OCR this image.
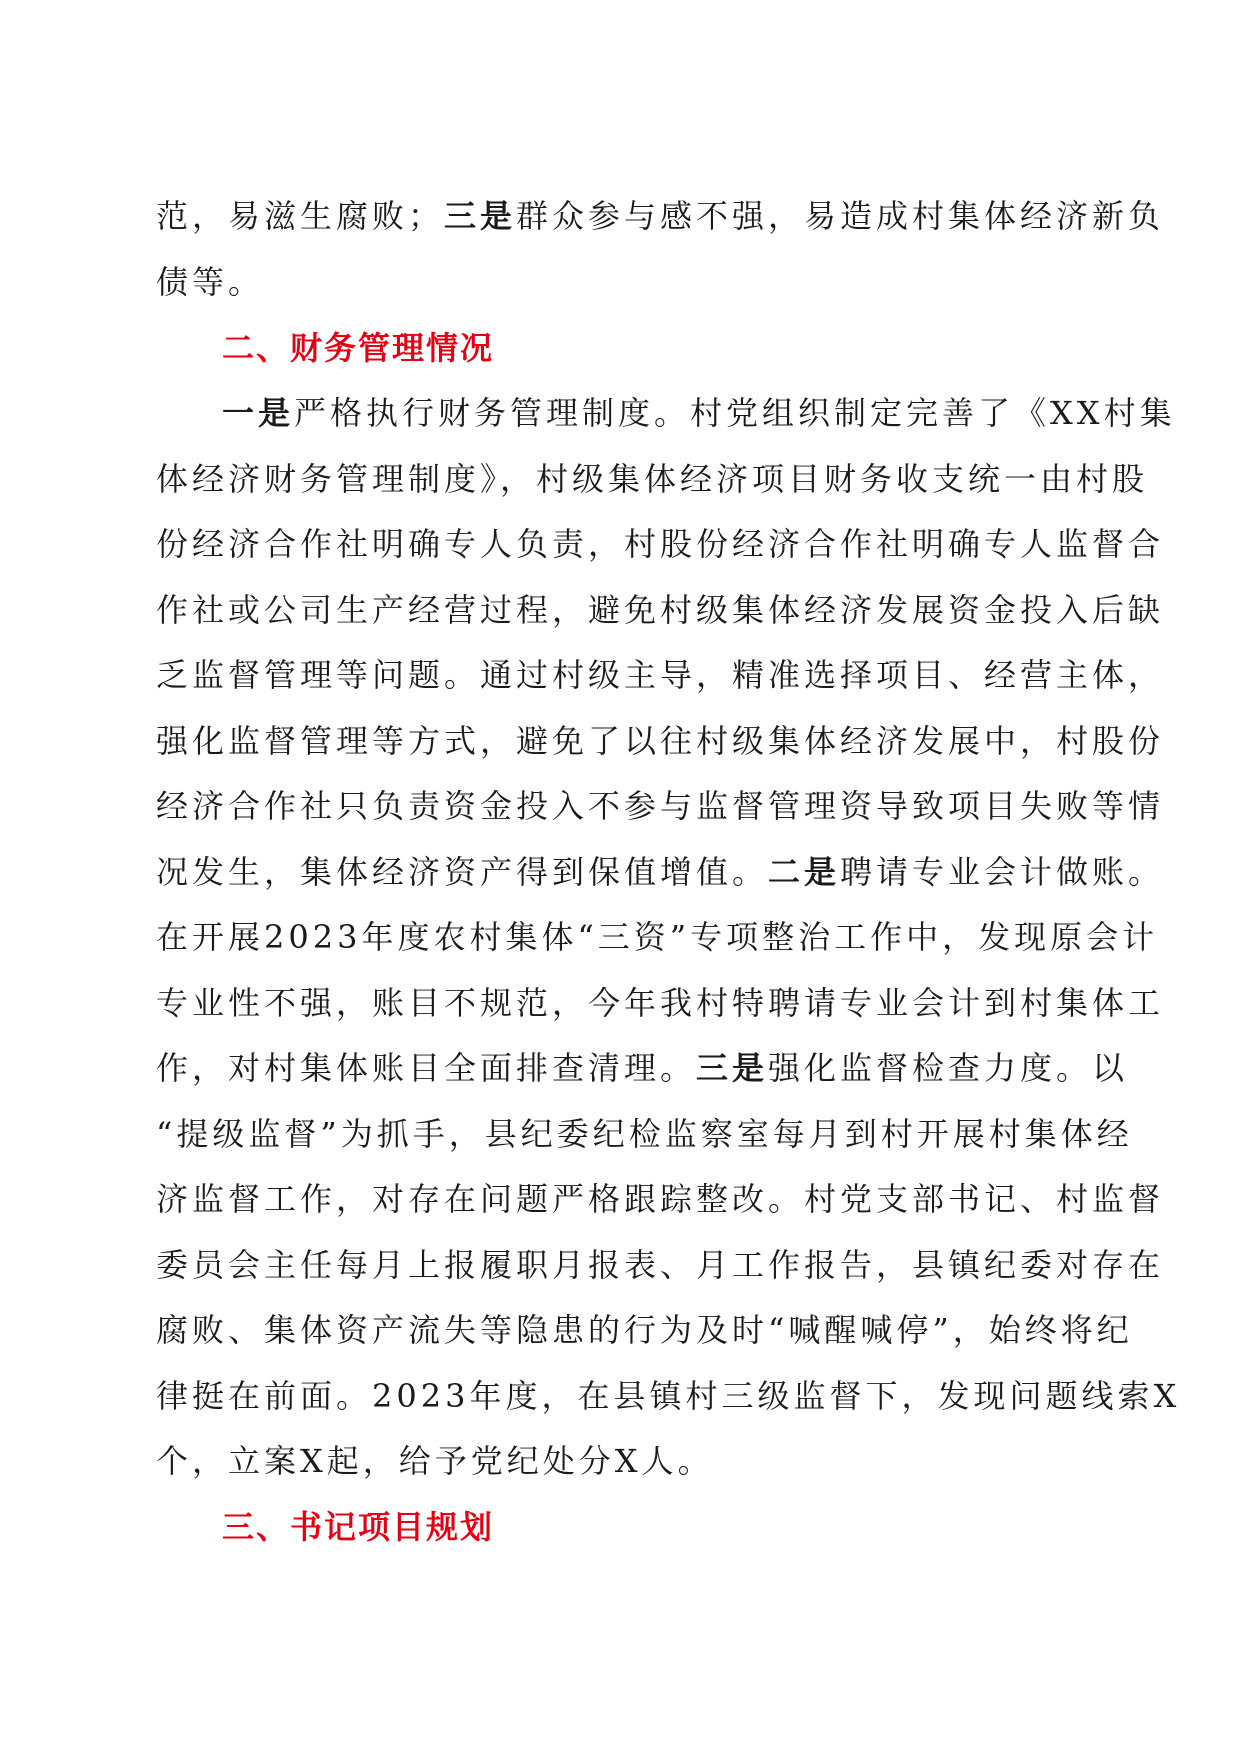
范，易滋生腐败；三是群众参与感不强，易造成村集体经济新负
债等。
二、财务管理情况
一是严格执行财务管理制度。村党组织制定完善了《XX村集
体经济财务管理制度》，村级集体经济项目财务收支统一由村股
份经济合作社明确专人负责，村股份经济合作社明确专人监督合
作社或公司生产经营过程，避免村级集体经济发展资金投入后缺
乏监督管理等问题。通过村级主导，精准选择项目、经营主体，
强化监督管理等方式，避免了以往村级集体经济发展中，村股份
经济合作社只负责资金投入不参与监督管理资导致项目失败等情
况发生，集体经济资产得到保值增值。二是聘请专业会计做账。
在开展2023年度农村集体“三资”专项整治工作中，发现原会计
专业性不强，账目不规范，今年我村特聘请专业会计到村集体工
作，对村集体账目全面排查清理。三是强化监督检查力度。以
“提级监督”为抓手，县纪委纪检监察室每月到村开展村集体经
济监督工作，对存在问题严格跟踪整改。村党支部书记、村监督
委员会主任每月上报履职月报表、月工作报告，县镇纪委对存在
腐败、集体资产流失等隐患的行为及时“喊醒喊停”，始终将纪
律挺在前面。2023年度，在县镇村三级监督下，发现问题线索X
个，立案X起，给予党纪处分X人。
三、书记项目规划
